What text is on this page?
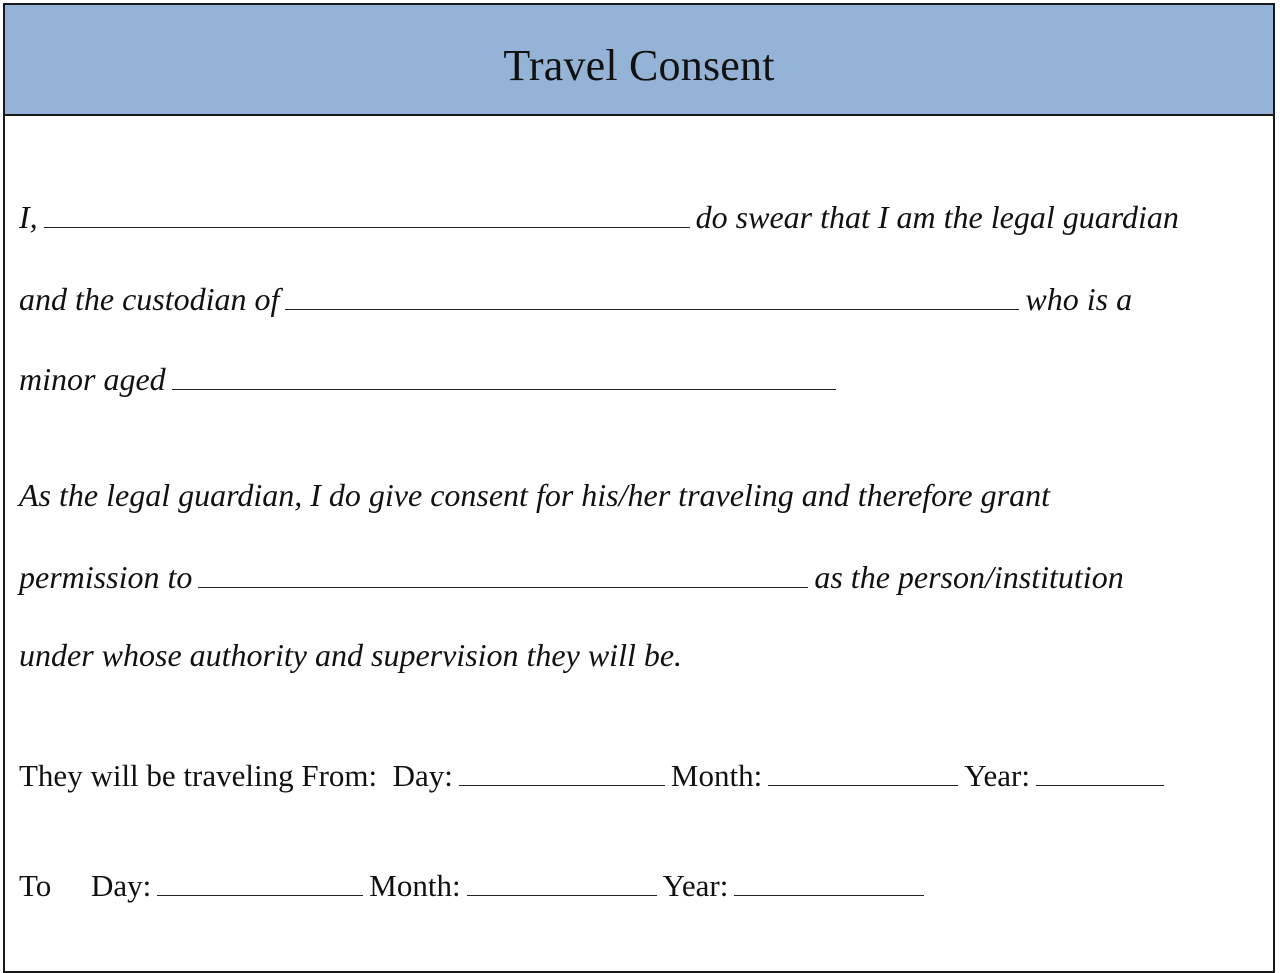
Travel Consent
I,	do swear that I am the legal guardian
and the custodian of	who is a
minor aged
As the legal guardian, I do give consent for his/her traveling and therefore grant
permission to	as the person/institution
under whose authority and supervision they will be.
They will be traveling From: Day:	Month:	Year:
To Day:	Month:	Year:
